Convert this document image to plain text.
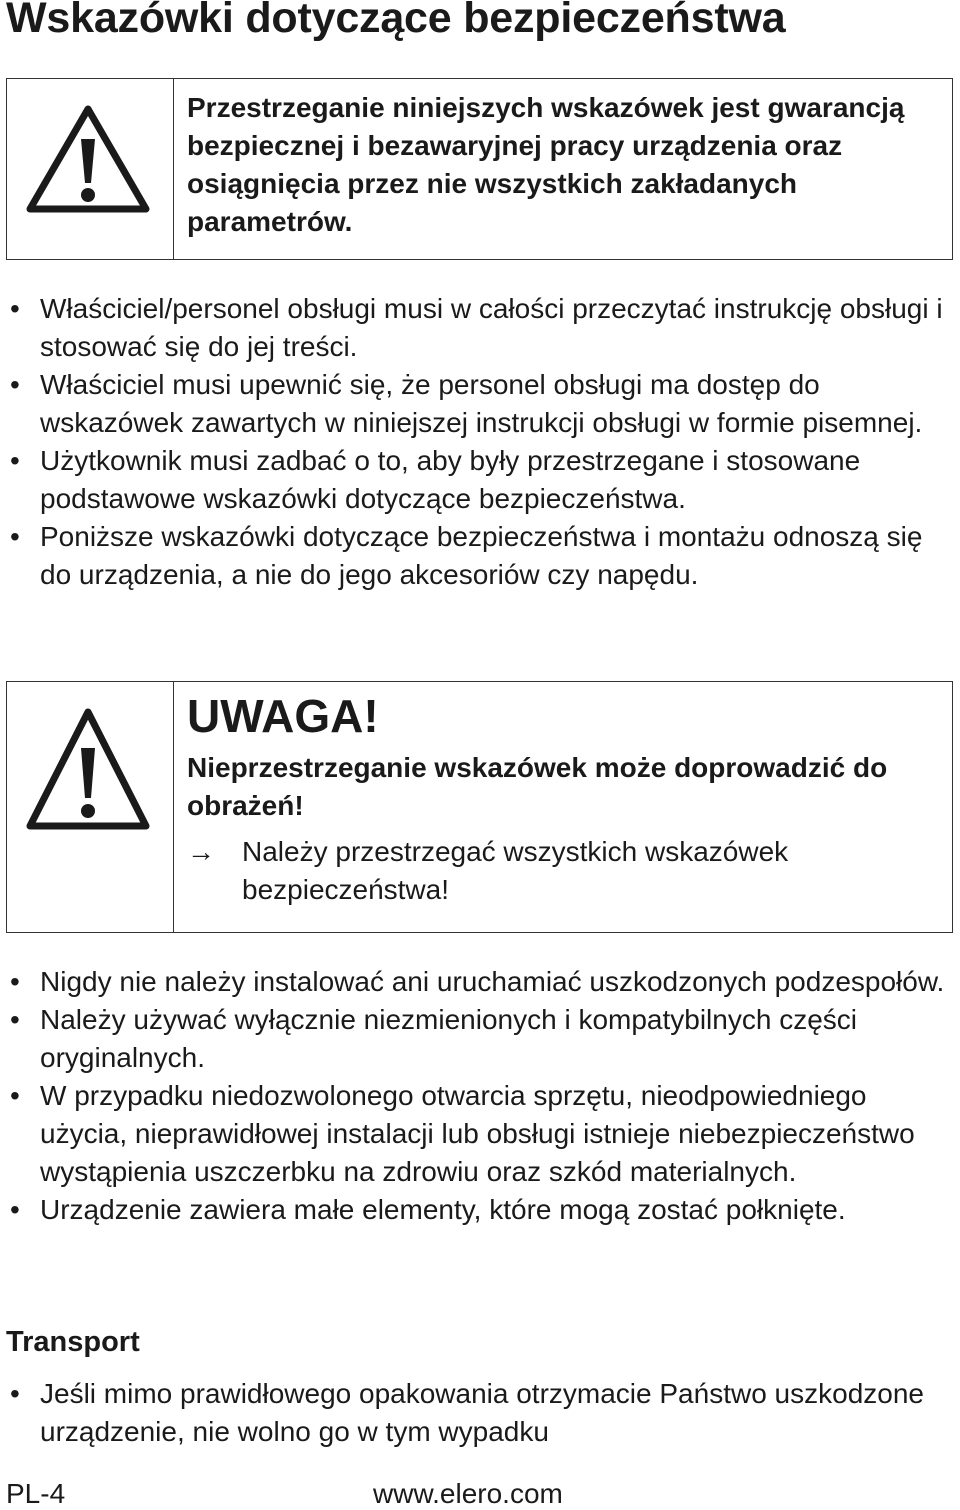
Wskazówki dotyczące bezpieczeństwa
Przestrzeganie niniejszych wskazówek jest gwarancją bezpiecznej i bezawaryjnej pracy urządzenia oraz osiągnięcia przez nie wszystkich zakładanych parametrów.
• Właściciel/personel obsługi musi w całości przeczytać instrukcję obsługi i stosować się do jej treści.
• Właściciel musi upewnić się, że personel obsługi ma dostęp do wskazówek zawartych w niniejszej instrukcji obsługi w formie pisemnej.
• Użytkownik musi zadbać o to, aby były przestrzegane i stosowane podstawowe wskazówki dotyczące bezpieczeństwa.
• Poniższe wskazówki dotyczące bezpieczeństwa i montażu odnoszą się do urządzenia, a nie do jego akcesoriów czy napędu.
UWAGA!
Nieprzestrzeganie wskazówek może doprowadzić do obrażeń!
→ Należy przestrzegać wszystkich wskazówek bezpieczeństwa!
• Nigdy nie należy instalować ani uruchamiać uszkodzonych podzespołów.
• Należy używać wyłącznie niezmienionych i kompatybilnych części oryginalnych.
• W przypadku niedozwolonego otwarcia sprzętu, nieodpowiedniego użycia, nieprawidłowej instalacji lub obsługi istnieje niebezpieczeństwo wystąpienia uszczerbku na zdrowiu oraz szkód materialnych.
• Urządzenie zawiera małe elementy, które mogą zostać połknięte.
Transport
• Jeśli mimo prawidłowego opakowania otrzymacie Państwo uszkodzone urządzenie, nie wolno go w tym wypadku
PL-4	www.elero.com
